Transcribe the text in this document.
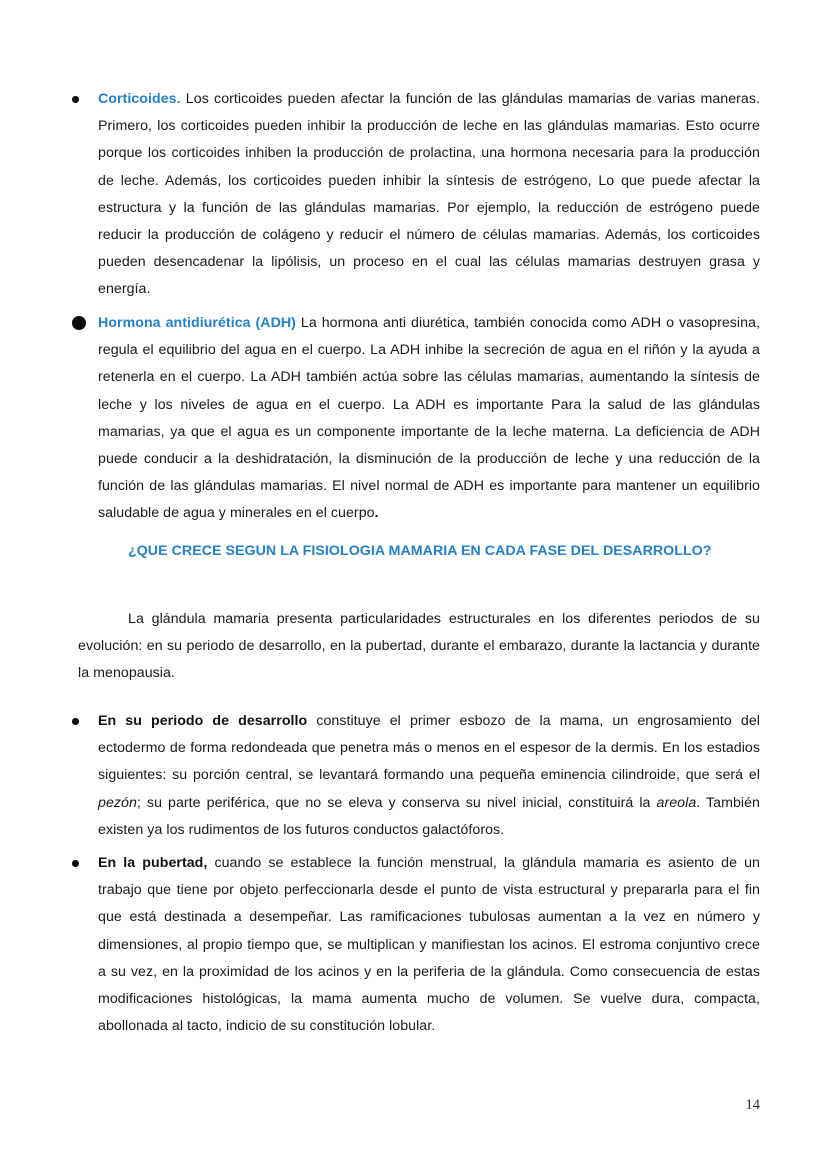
Corticoides. Los corticoides pueden afectar la función de las glándulas mamarias de varias maneras. Primero, los corticoides pueden inhibir la producción de leche en las glándulas mamarias. Esto ocurre porque los corticoides inhiben la producción de prolactina, una hormona necesaria para la producción de leche. Además, los corticoides pueden inhibir la síntesis de estrógeno, Lo que puede afectar la estructura y la función de las glándulas mamarias. Por ejemplo, la reducción de estrógeno puede reducir la producción de colágeno y reducir el número de células mamarias. Además, los corticoides pueden desencadenar la lipólisis, un proceso en el cual las células mamarias destruyen grasa y energía.
Hormona antidiurética (ADH) La hormona anti diurética, también conocida como ADH o vasopresina, regula el equilibrio del agua en el cuerpo. La ADH inhibe la secreción de agua en el riñón y la ayuda a retenerla en el cuerpo. La ADH también actúa sobre las células mamarias, aumentando la síntesis de leche y los niveles de agua en el cuerpo. La ADH es importante Para la salud de las glándulas mamarias, ya que el agua es un componente importante de la leche materna. La deficiencia de ADH puede conducir a la deshidratación, la disminución de la producción de leche y una reducción de la función de las glándulas mamarias. El nivel normal de ADH es importante para mantener un equilibrio saludable de agua y minerales en el cuerpo.
¿QUE CRECE SEGUN LA FISIOLOGIA MAMARIA EN CADA FASE DEL DESARROLLO?
La glándula mamaria presenta particularidades estructurales en los diferentes periodos de su evolución: en su periodo de desarrollo, en la pubertad, durante el embarazo, durante la lactancia y durante la menopausia.
En su periodo de desarrollo constituye el primer esbozo de la mama, un engrosamiento del ectodermo de forma redondeada que penetra más o menos en el espesor de la dermis. En los estadios siguientes: su porción central, se levantará formando una pequeña eminencia cilindroide, que será el pezón; su parte periférica, que no se eleva y conserva su nivel inicial, constituirá la areola. También existen ya los rudimentos de los futuros conductos galactóforos.
En la pubertad, cuando se establece la función menstrual, la glándula mamaria es asiento de un trabajo que tiene por objeto perfeccionarla desde el punto de vista estructural y prepararla para el fin que está destinada a desempeñar. Las ramificaciones tubulosas aumentan a la vez en número y dimensiones, al propio tiempo que, se multiplican y manifiestan los acinos. El estroma conjuntivo crece a su vez, en la proximidad de los acinos y en la periferia de la glándula. Como consecuencia de estas modificaciones histológicas, la mama aumenta mucho de volumen. Se vuelve dura, compacta, abollonada al tacto, indicio de su constitución lobular.
14
